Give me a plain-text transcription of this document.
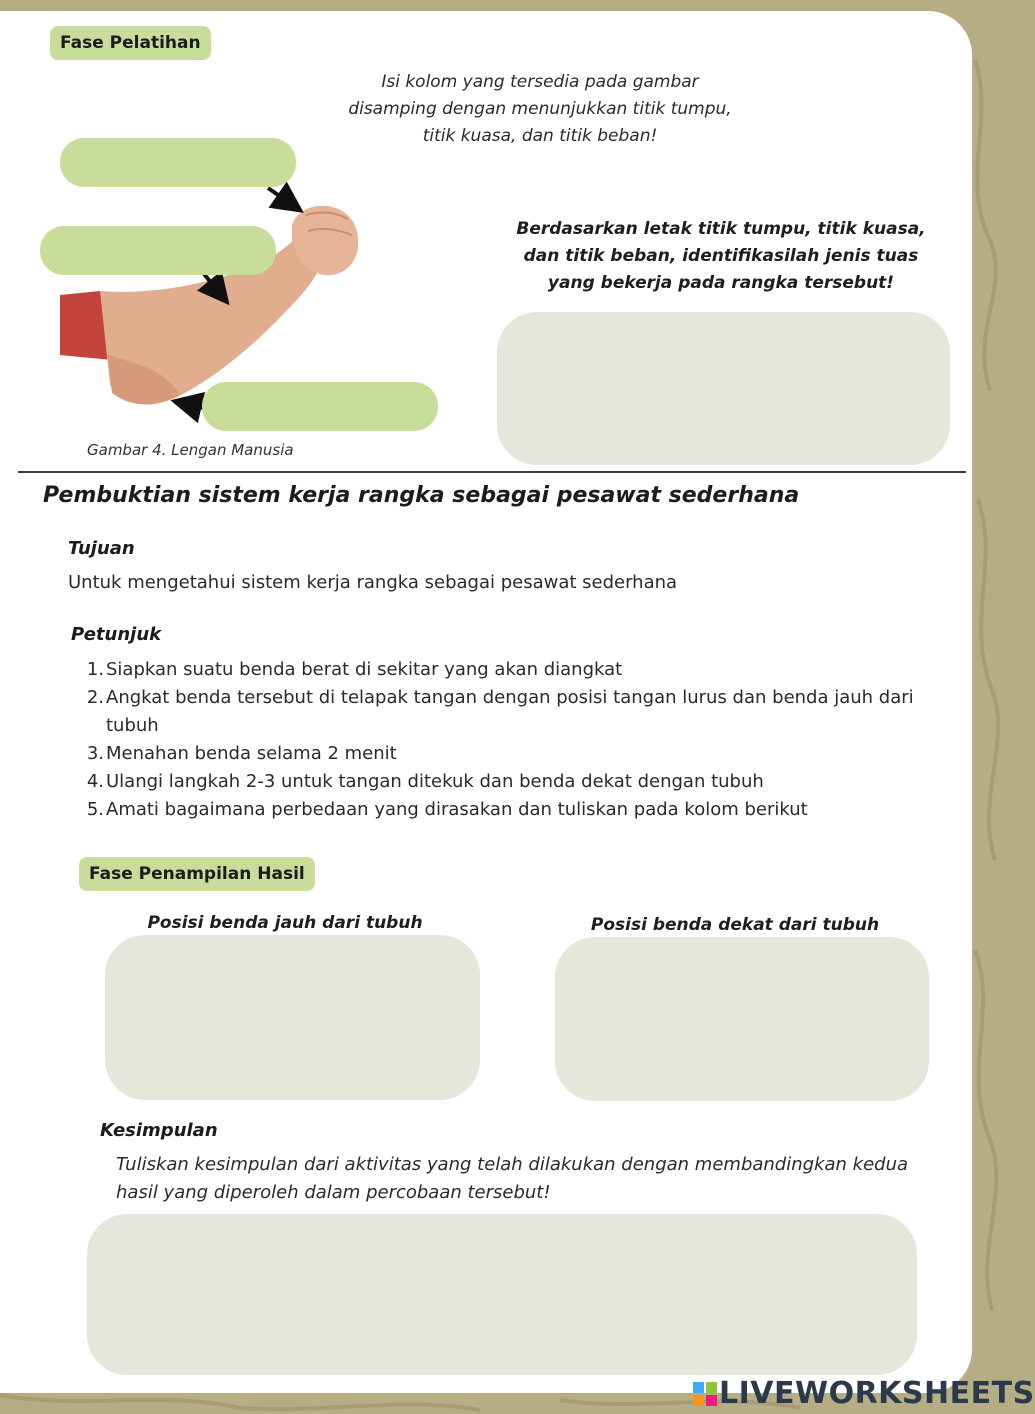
Fase Pelatihan
Isi kolom yang tersedia pada gambar disamping dengan menunjukkan titik tumpu, titik kuasa, dan titik beban!
Gambar 4. Lengan Manusia
Berdasarkan letak titik tumpu, titik kuasa, dan titik beban, identifikasilah jenis tuas yang bekerja pada rangka tersebut!
Pembuktian sistem kerja rangka sebagai pesawat sederhana
Tujuan
Untuk mengetahui sistem kerja rangka sebagai pesawat sederhana
Petunjuk
1. Siapkan suatu benda berat di sekitar yang akan diangkat
2. Angkat benda tersebut di telapak tangan dengan posisi tangan lurus dan benda jauh dari tubuh
3. Menahan benda selama 2 menit
4. Ulangi langkah 2-3 untuk tangan ditekuk dan benda dekat dengan tubuh
5. Amati bagaimana perbedaan yang dirasakan dan tuliskan pada kolom berikut
Fase Penampilan Hasil
Posisi benda jauh dari tubuh	Posisi benda dekat dari tubuh
Kesimpulan
Tuliskan kesimpulan dari aktivitas yang telah dilakukan dengan membandingkan kedua hasil yang diperoleh dalam percobaan tersebut!
LIVEWORKSHEETS
